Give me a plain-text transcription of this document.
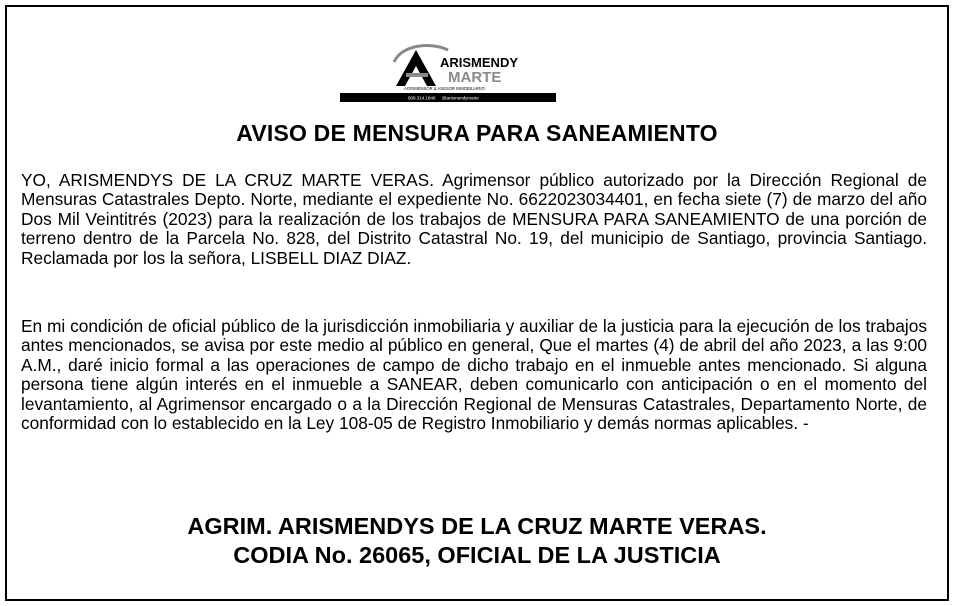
ARISMENDY
MARTE
AGRIMENSOR & ASESOR INMOBILIARIO
809.314.1846 @arismendymarte
AVISO DE MENSURA PARA SANEAMIENTO

YO, ARISMENDYS DE LA CRUZ MARTE VERAS. Agrimensor público autorizado por la Dirección Regional de Mensuras Catastrales Depto. Norte, mediante el expediente No. 6622023034401, en fecha siete (7) de marzo del año Dos Mil Veintitrés (2023) para la realización de los trabajos de MENSURA PARA SANEAMIENTO de una porción de terreno dentro de la Parcela No. 828, del Distrito Catastral No. 19, del municipio de Santiago, provincia Santiago. Reclamada por los la señora, LISBELL DIAZ DIAZ.

En mi condición de oficial público de la jurisdicción inmobiliaria y auxiliar de la justicia para la ejecución de los trabajos antes mencionados, se avisa por este medio al público en general, Que el martes (4) de abril del año 2023, a las 9:00 A.M., daré inicio formal a las operaciones de campo de dicho trabajo en el inmueble antes mencionado. Si alguna persona tiene algún interés en el inmueble a SANEAR, deben comunicarlo con anticipación o en el momento del levantamiento, al Agrimensor encargado o a la Dirección Regional de Mensuras Catastrales, Departamento Norte, de conformidad con lo establecido en la Ley 108-05 de Registro Inmobiliario y demás normas aplicables. -

AGRIM. ARISMENDYS DE LA CRUZ MARTE VERAS.
CODIA No. 26065, OFICIAL DE LA JUSTICIA
